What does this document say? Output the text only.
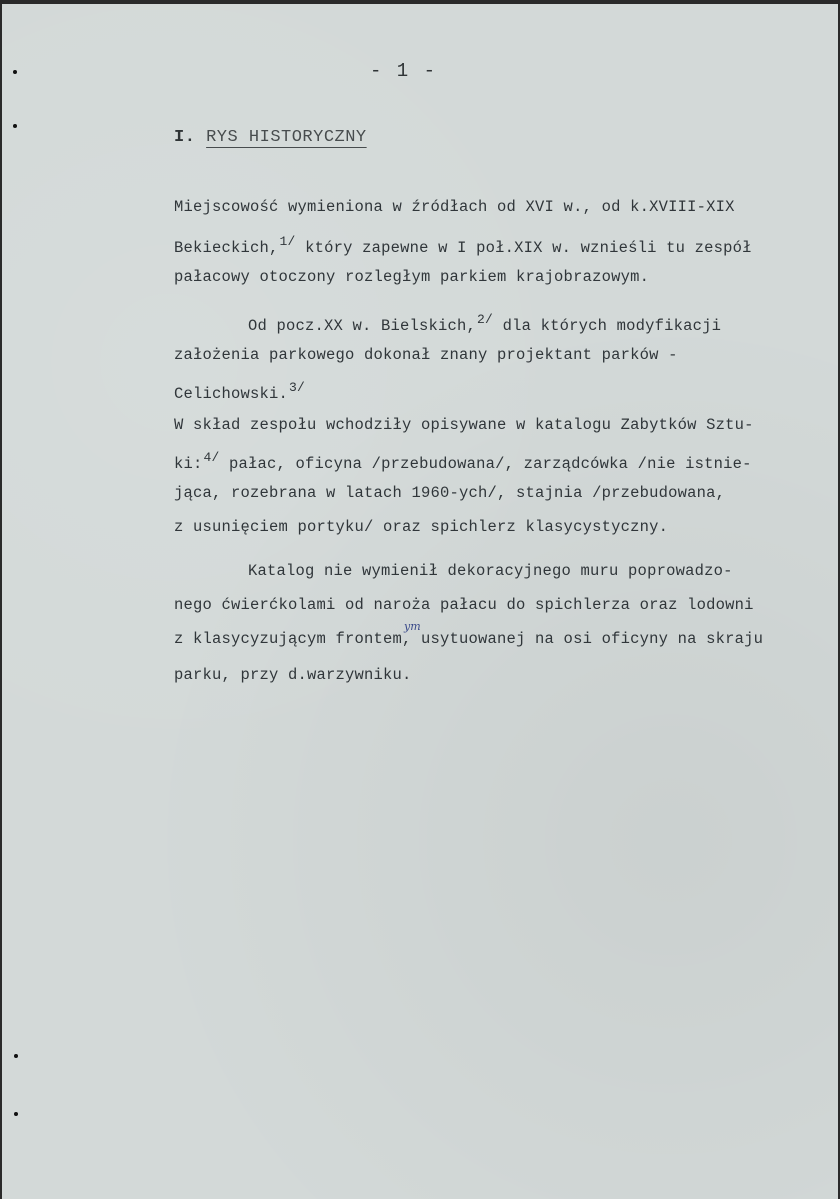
- 1 -
I. RYS HISTORYCZNY
Miejscowość wymieniona w źródłach od XVI w., od k.XVIII-XIX
Bekieckich,$^{1/}$ który zapewne w I poł.XIX w. wznieśli tu zespół
pałacowy otoczony rozległym parkiem krajobrazowym.
Od pocz.XX w. Bielskich,$^{2/}$ dla których modyfikacji
założenia parkowego dokonał znany projektant parków -
Celichowski.$^{3/}$
W skład zespołu wchodziły opisywane w katalogu Zabytków Sztu-
ki:$^{4/}$ pałac, oficyna /przebudowana/, zarządcówka /nie istnie-
jąca, rozebrana w latach 1960-ych/, stajnia /przebudowana,
z usunięciem portyku/ oraz spichlerz klasycystyczny.
Katalog nie wymienił dekoracyjnego muru poprowadzo-
nego ćwierćkolami od naroża pałacu do spichlerza oraz lodowni
z klasycyzującym frontem, usytuowanej na osi oficyny na skraju
parku, przy d.warzywniku.
ym
